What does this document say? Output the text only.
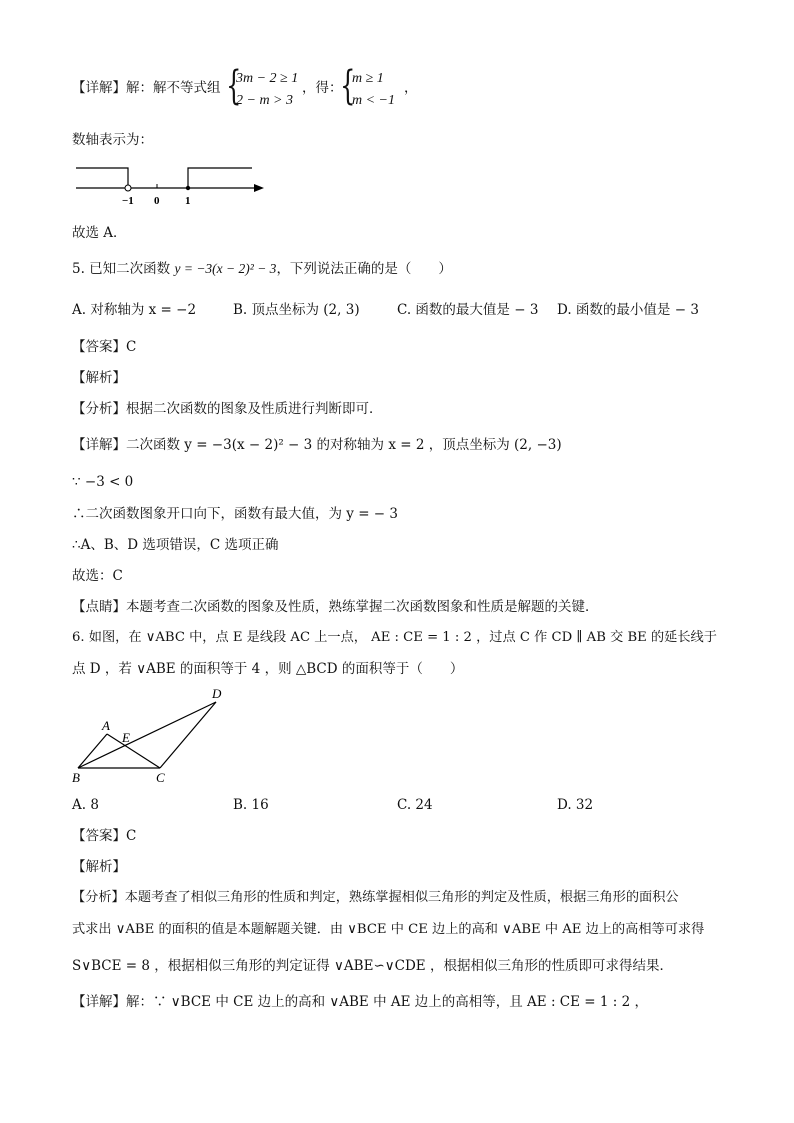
【详解】解：解不等式组 {
3m − 2 ≥ 1
2 − m > 3
，得：
{
m ≥ 1
m < −1
，
数轴表示为：
−1 0 1
故选 A．
5. 已知二次函数 y = −3(x − 2)² − 3，下列说法正确的是（　　）
A. 对称轴为 x = −2	B. 顶点坐标为 (2, 3)	C. 函数的最大值是 − 3 D. 函数的最小值是 − 3
【答案】C
【解析】
【分析】根据二次函数的图象及性质进行判断即可．
【详解】二次函数 y = −3(x − 2)² − 3 的对称轴为 x = 2 ，顶点坐标为 (2, −3)
∵ −3 < 0
∴二次函数图象开口向下，函数有最大值，为 y = − 3
∴A、B、D 选项错误，C 选项正确
故选：C
【点睛】本题考查二次函数的图象及性质，熟练掌握二次函数图象和性质是解题的关键．
6. 如图，在 ∨ABC 中，点 E 是线段 AC 上一点， AE : CE = 1 : 2 ，过点 C 作 CD ∥ AB 交 BE 的延长线于
点 D ，若 ∨ABE 的面积等于 4 ，则 △BCD 的面积等于（　　）
A
B	C
D
E
A. 8	B. 16	C. 24	D. 32
【答案】C
【解析】
【分析】本题考查了相似三角形的性质和判定，熟练掌握相似三角形的判定及性质，根据三角形的面积公
式求出 ∨ABE 的面积的值是本题解题关键．由 ∨BCE 中 CE 边上的高和 ∨ABE 中 AE 边上的高相等可求得
S∨BCE = 8 ，根据相似三角形的判定证得 ∨ABE∽∨CDE ，根据相似三角形的性质即可求得结果．
【详解】解：∵ ∨BCE 中 CE 边上的高和 ∨ABE 中 AE 边上的高相等，且 AE : CE = 1 : 2 ，
